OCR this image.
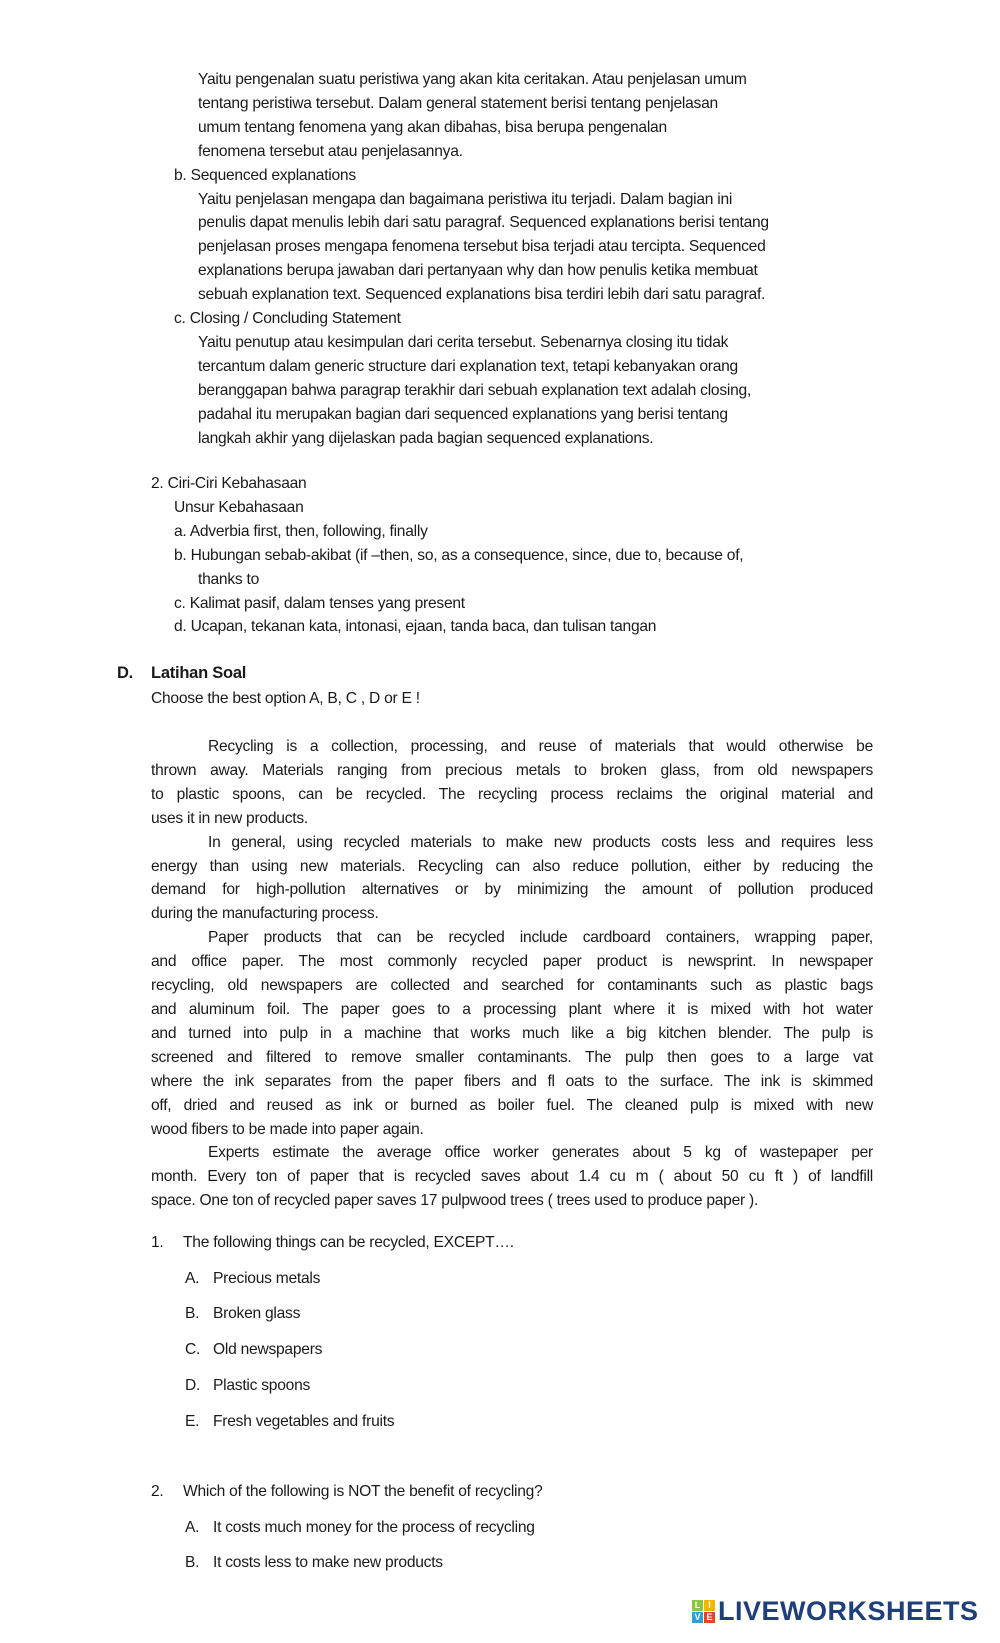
Yaitu pengenalan suatu peristiwa yang akan kita ceritakan. Atau penjelasan umum
tentang peristiwa tersebut. Dalam general statement berisi tentang penjelasan
umum tentang fenomena yang akan dibahas, bisa berupa pengenalan
fenomena tersebut atau penjelasannya.
b. Sequenced explanations
Yaitu penjelasan mengapa dan bagaimana peristiwa itu terjadi. Dalam bagian ini
penulis dapat menulis lebih dari satu paragraf. Sequenced explanations berisi tentang
penjelasan proses mengapa fenomena tersebut bisa terjadi atau tercipta. Sequenced
explanations berupa jawaban dari pertanyaan why dan how penulis ketika membuat
sebuah explanation text. Sequenced explanations bisa terdiri lebih dari satu paragraf.
c. Closing / Concluding Statement
Yaitu penutup atau kesimpulan dari cerita tersebut. Sebenarnya closing itu tidak
tercantum dalam generic structure dari explanation text, tetapi kebanyakan orang
beranggapan bahwa paragrap terakhir dari sebuah explanation text adalah closing,
padahal itu merupakan bagian dari sequenced explanations yang berisi tentang
langkah akhir yang dijelaskan pada bagian sequenced explanations.
2. Ciri-Ciri Kebahasaan
Unsur Kebahasaan
a. Adverbia first, then, following, finally
b. Hubungan sebab-akibat (if –then, so, as a consequence, since, due to, because of,
thanks to
c. Kalimat pasif, dalam tenses yang present
d. Ucapan, tekanan kata, intonasi, ejaan, tanda baca, dan tulisan tangan
D. Latihan Soal
Choose the best option A, B, C , D or E !
Recycling is a collection, processing, and reuse of materials that would otherwise be
thrown away. Materials ranging from precious metals to broken glass, from old newspapers
to plastic spoons, can be recycled. The recycling process reclaims the original material and
uses it in new products.
In general, using recycled materials to make new products costs less and requires less
energy than using new materials. Recycling can also reduce pollution, either by reducing the
demand for high-pollution alternatives or by minimizing the amount of pollution produced
during the manufacturing process.
Paper products that can be recycled include cardboard containers, wrapping paper,
and office paper. The most commonly recycled paper product is newsprint. In newspaper
recycling, old newspapers are collected and searched for contaminants such as plastic bags
and aluminum foil. The paper goes to a processing plant where it is mixed with hot water
and turned into pulp in a machine that works much like a big kitchen blender. The pulp is
screened and filtered to remove smaller contaminants. The pulp then goes to a large vat
where the ink separates from the paper fibers and fl oats to the surface. The ink is skimmed
off, dried and reused as ink or burned as boiler fuel. The cleaned pulp is mixed with new
wood fibers to be made into paper again.
Experts estimate the average office worker generates about 5 kg of wastepaper per
month. Every ton of paper that is recycled saves about 1.4 cu m ( about 50 cu ft ) of landfill
space. One ton of recycled paper saves 17 pulpwood trees ( trees used to produce paper ).
1. The following things can be recycled, EXCEPT….
A. Precious metals
B. Broken glass
C. Old newspapers
D. Plastic spoons
E. Fresh vegetables and fruits
2. Which of the following is NOT the benefit of recycling?
A. It costs much money for the process of recycling
B. It costs less to make new products
L I
V E LIVEWORKSHEETS
